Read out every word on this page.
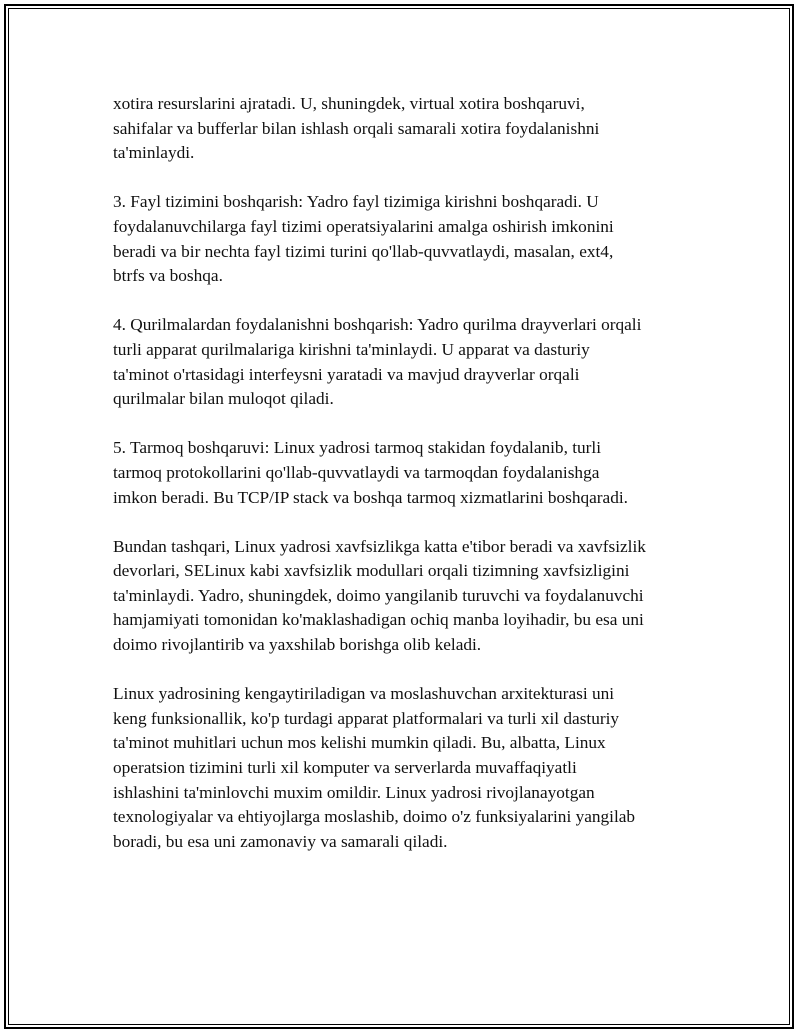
xotira resurslarini ajratadi. U, shuningdek, virtual xotira boshqaruvi,
sahifalar va bufferlar bilan ishlash orqali samarali xotira foydalanishni
ta'minlaydi.

3. Fayl tizimini boshqarish: Yadro fayl tizimiga kirishni boshqaradi. U
foydalanuvchilarga fayl tizimi operatsiyalarini amalga oshirish imkonini
beradi va bir nechta fayl tizimi turini qo'llab-quvvatlaydi, masalan, ext4,
btrfs va boshqa.

4. Qurilmalardan foydalanishni boshqarish: Yadro qurilma drayverlari orqali
turli apparat qurilmalariga kirishni ta'minlaydi. U apparat va dasturiy
ta'minot o'rtasidagi interfeysni yaratadi va mavjud drayverlar orqali
qurilmalar bilan muloqot qiladi.

5. Tarmoq boshqaruvi: Linux yadrosi tarmoq stakidan foydalanib, turli
tarmoq protokollarini qo'llab-quvvatlaydi va tarmoqdan foydalanishga
imkon beradi. Bu TCP/IP stack va boshqa tarmoq xizmatlarini boshqaradi.

Bundan tashqari, Linux yadrosi xavfsizlikga katta e'tibor beradi va xavfsizlik
devorlari, SELinux kabi xavfsizlik modullari orqali tizimning xavfsizligini
ta'minlaydi. Yadro, shuningdek, doimo yangilanib turuvchi va foydalanuvchi
hamjamiyati tomonidan ko'maklashadigan ochiq manba loyihadir, bu esa uni
doimo rivojlantirib va yaxshilab borishga olib keladi.

Linux yadrosining kengaytiriladigan va moslashuvchan arxitekturasi uni
keng funksionallik, ko'p turdagi apparat platformalari va turli xil dasturiy
ta'minot muhitlari uchun mos kelishi mumkin qiladi. Bu, albatta, Linux
operatsion tizimini turli xil komputer va serverlarda muvaffaqiyatli
ishlashini ta'minlovchi muxim omildir. Linux yadrosi rivojlanayotgan
texnologiyalar va ehtiyojlarga moslashib, doimo o'z funksiyalarini yangilab
boradi, bu esa uni zamonaviy va samarali qiladi.
